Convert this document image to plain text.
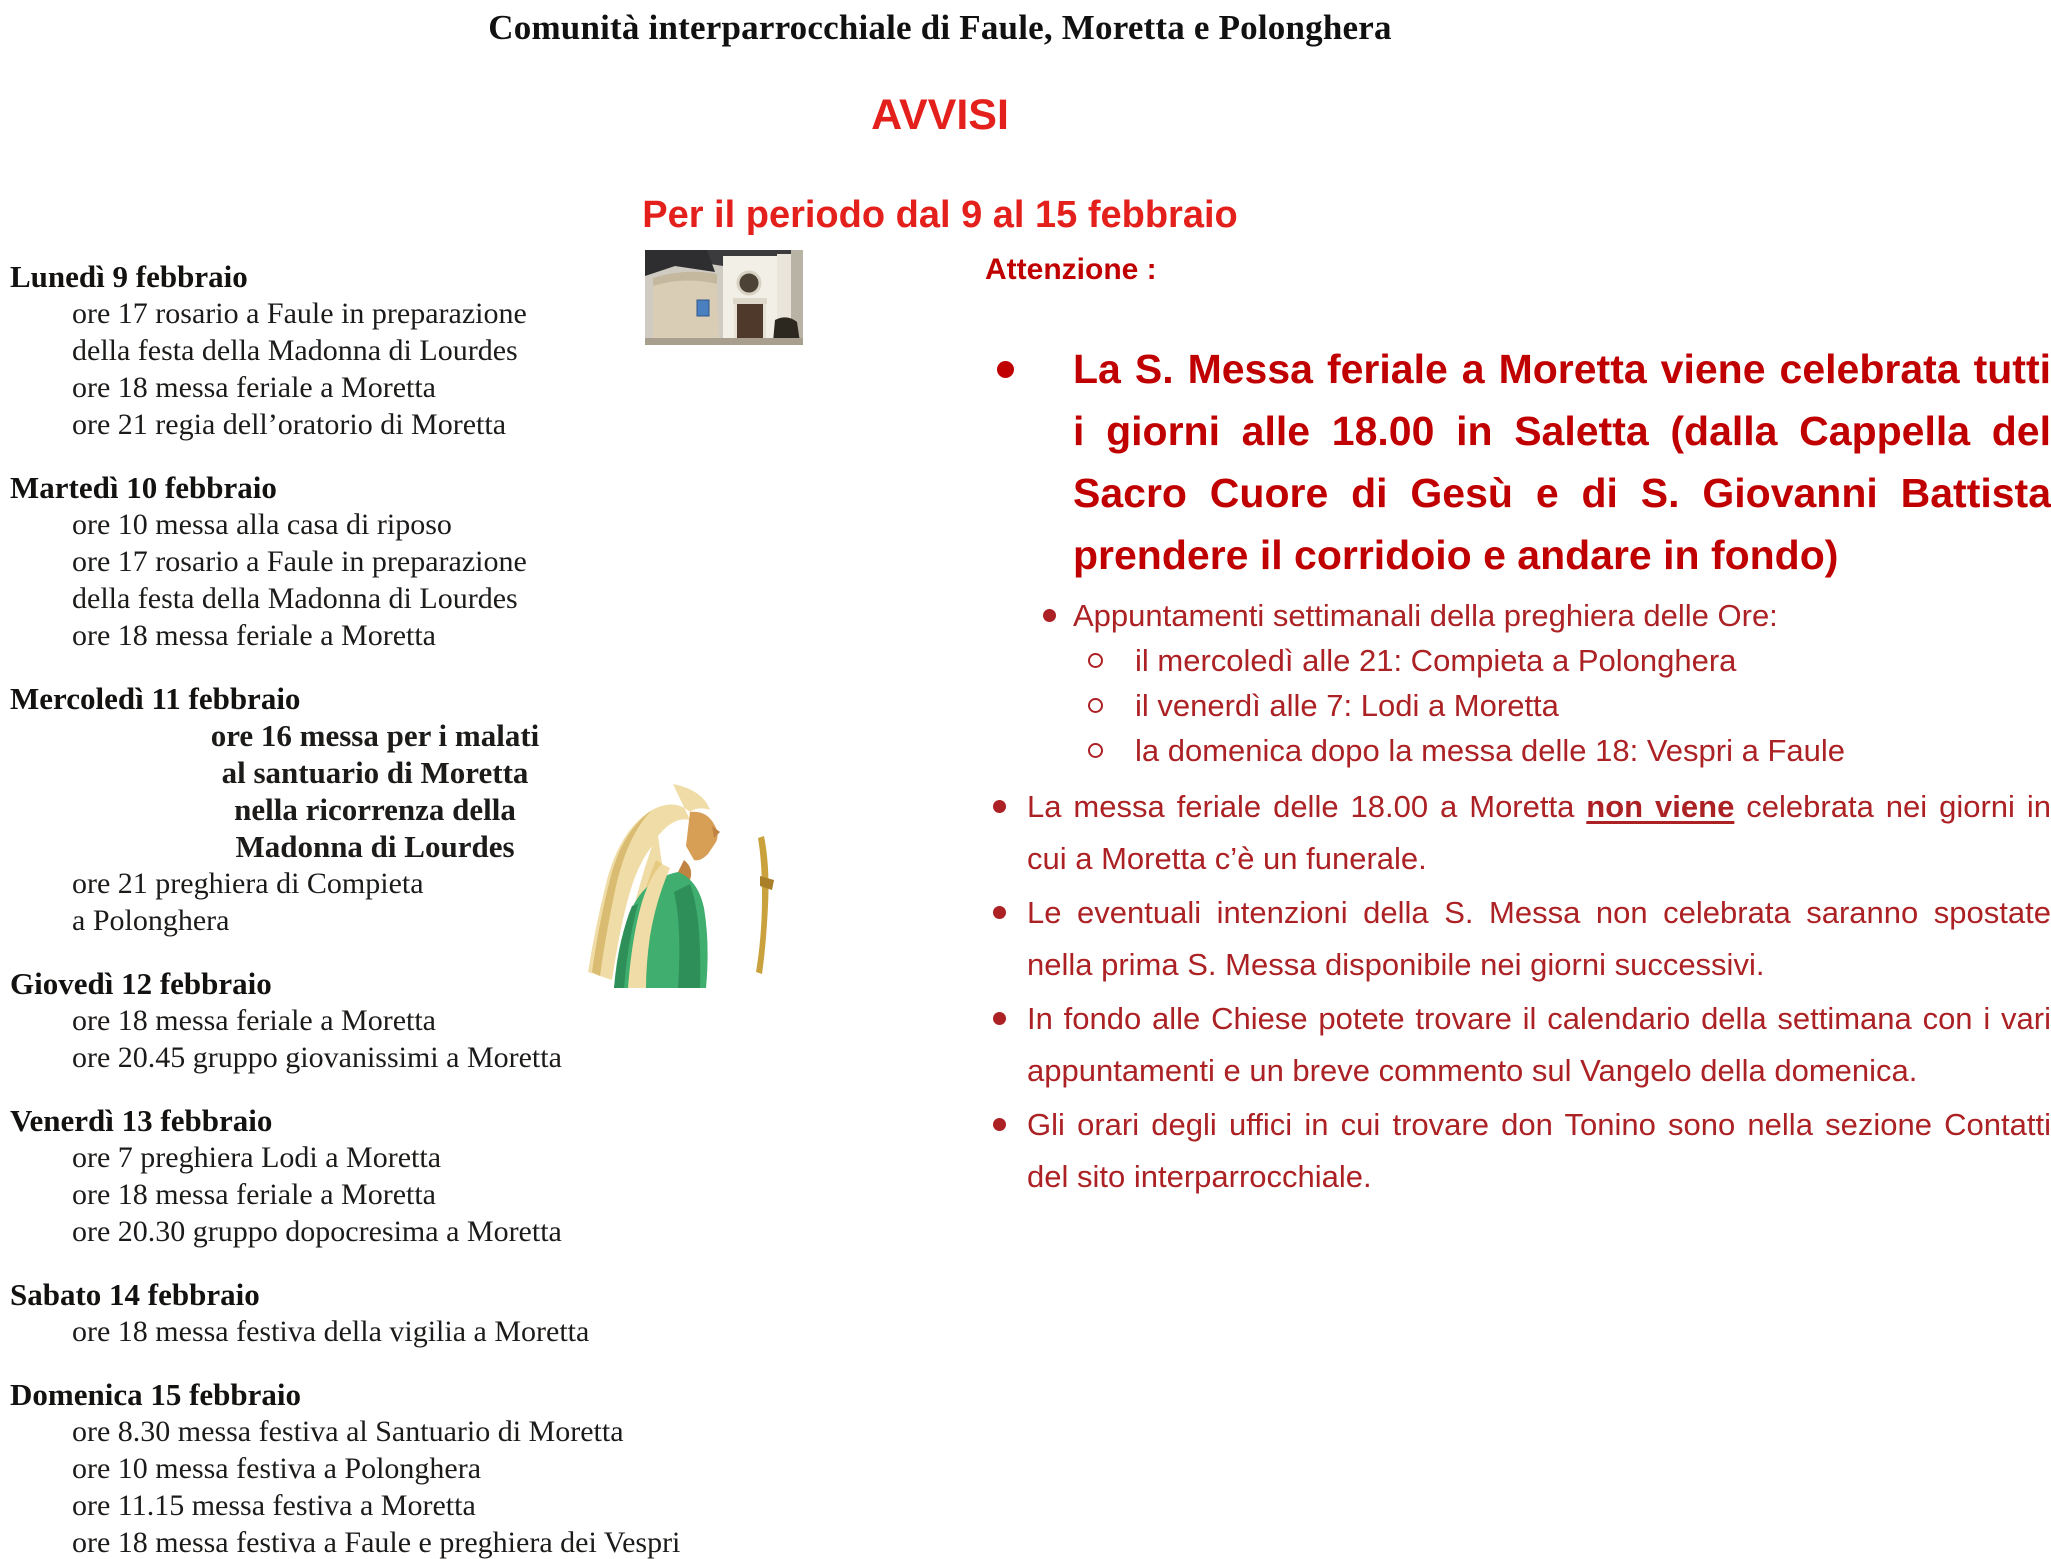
Comunità interparrocchiale di Faule, Moretta e Polonghera
AVVISI
Per il periodo dal 9 al 15 febbraio
Lunedì 9 febbraio
ore 17 rosario a Faule in preparazione
della festa della Madonna di Lourdes
ore 18 messa feriale a Moretta
ore 21 regia dell’oratorio di Moretta
Martedì 10 febbraio
ore 10 messa alla casa di riposo
ore 17 rosario a Faule in preparazione
della festa della Madonna di Lourdes
ore 18 messa feriale a Moretta
Mercoledì 11 febbraio
ore 16 messa per i malati
al santuario di Moretta
nella ricorrenza della
Madonna di Lourdes
ore 21 preghiera di Compieta
a Polonghera
Giovedì 12 febbraio
ore 18 messa feriale a Moretta
ore 20.45 gruppo giovanissimi a Moretta
Venerdì 13 febbraio
ore 7 preghiera Lodi a Moretta
ore 18 messa feriale a Moretta
ore 20.30 gruppo dopocresima a Moretta
Sabato 14 febbraio
ore 18 messa festiva della vigilia a Moretta
Domenica 15 febbraio
ore 8.30 messa festiva al Santuario di Moretta
ore 10 messa festiva a Polonghera
ore 11.15 messa festiva a Moretta
ore 18 messa festiva a Faule e preghiera dei Vespri
Attenzione :
La S. Messa feriale a Moretta viene celebrata tutti i giorni alle 18.00 in Saletta (dalla Cappella del Sacro Cuore di Gesù e di S. Giovanni Battista prendere il corridoio e andare in fondo)
Appuntamenti settimanali della preghiera delle Ore:
il mercoledì alle 21: Compieta a Polonghera
il venerdì alle 7: Lodi a Moretta
la domenica dopo la messa delle 18: Vespri a Faule
La messa feriale delle 18.00 a Moretta non viene celebrata nei giorni in cui a Moretta c’è un funerale.
Le eventuali intenzioni della S. Messa non celebrata saranno spostate nella prima S. Messa disponibile nei giorni successivi.
In fondo alle Chiese potete trovare il calendario della settimana con i vari appuntamenti e un breve commento sul Vangelo della domenica.
Gli orari degli uffici in cui trovare don Tonino sono nella sezione Contatti del sito interparrocchiale.
